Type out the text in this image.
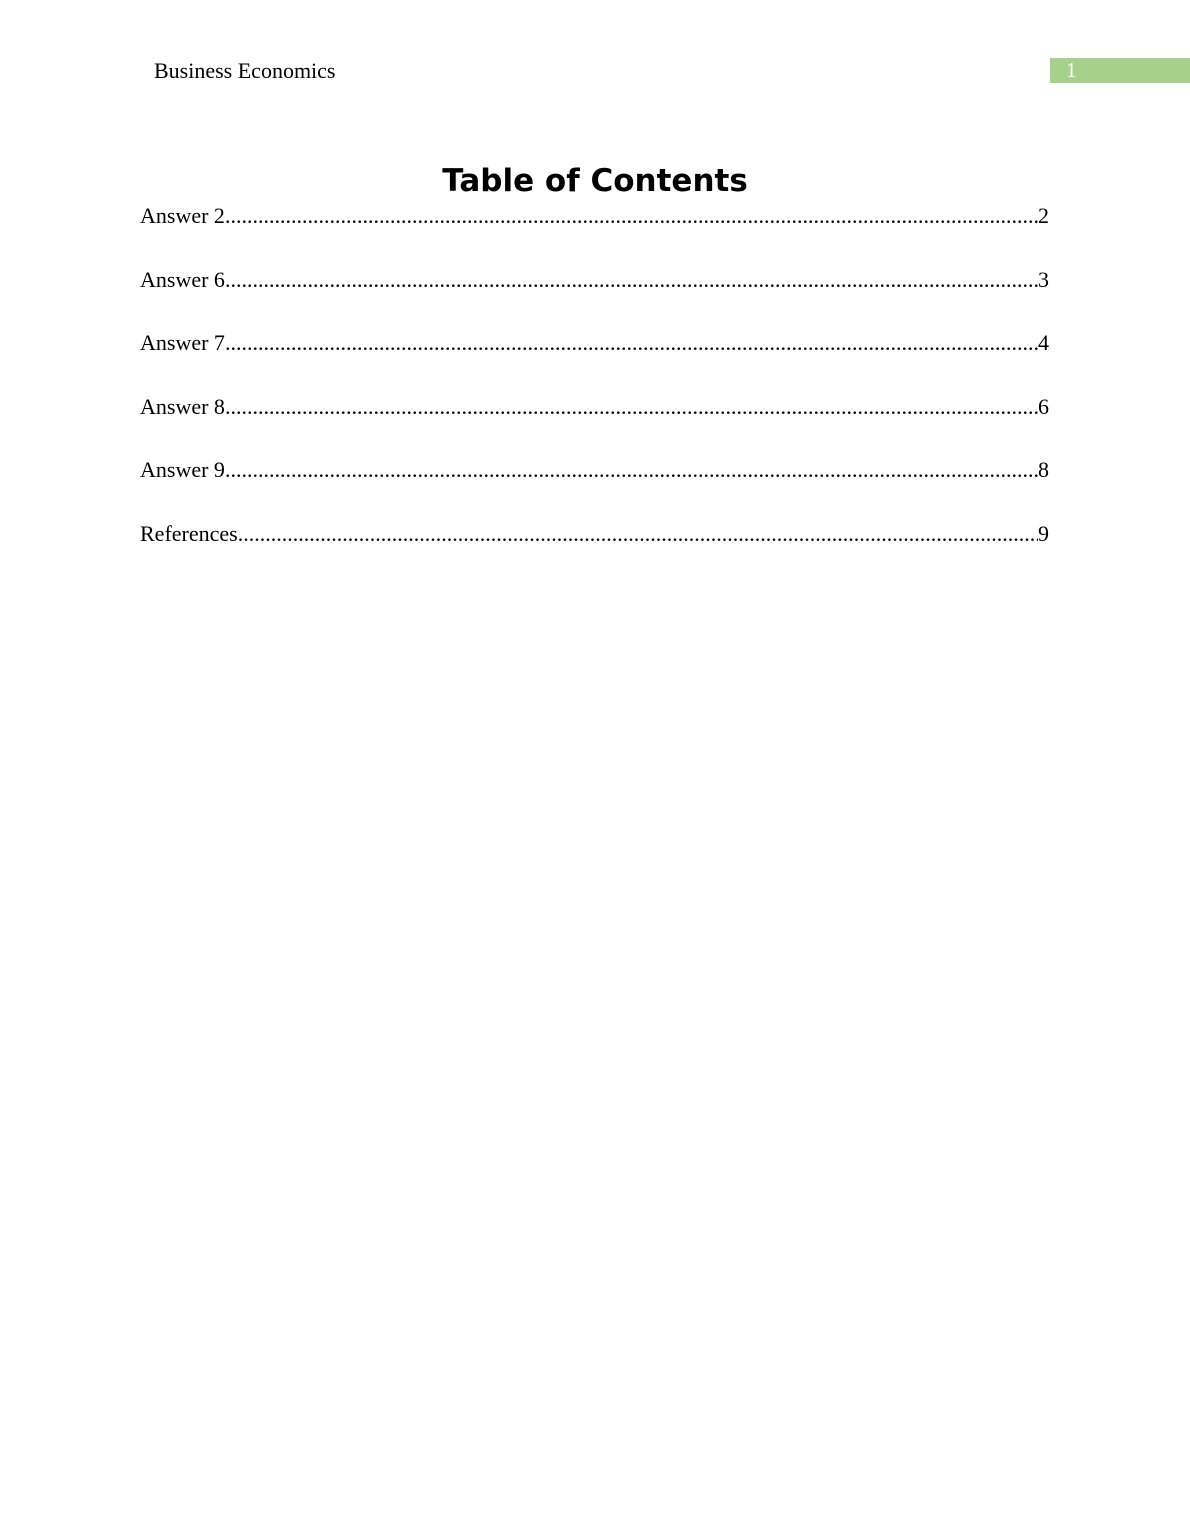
Business Economics	1
Table of Contents
Answer 2 .....	2
Answer 6 .....	3
Answer 7 .....	4
Answer 8 .....	6
Answer 9 .....	8
References .....	9
